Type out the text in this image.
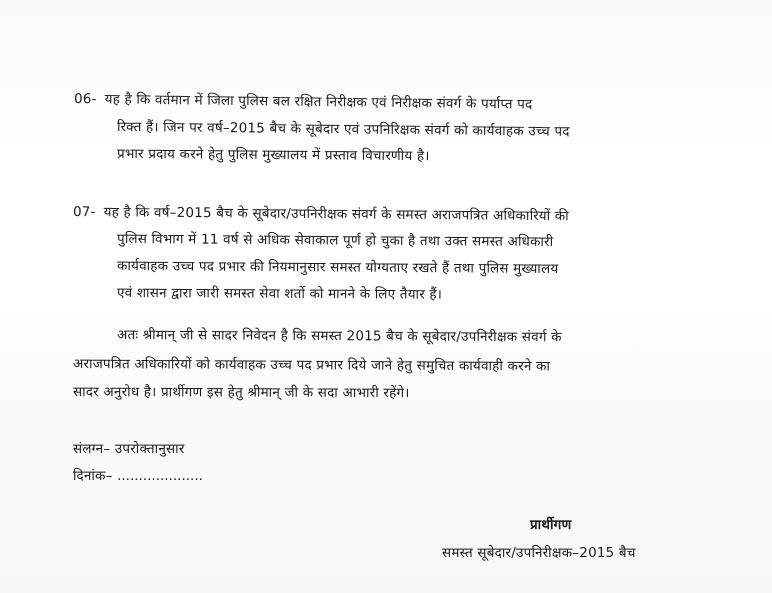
06- यह है कि वर्तमान में जिला पुलिस बल रक्षित निरीक्षक एवं निरीक्षक संवर्ग के पर्याप्त पद
रिक्त हैं। जिन पर वर्ष–2015 बैच के सूबेदार एवं उपनिरिक्षक संवर्ग को कार्यवाहक उच्च पद
प्रभार प्रदाय करने हेतु पुलिस मुख्यालय में प्रस्ताव विचारणीय है।
07- यह है कि वर्ष–2015 बैच के सूबेदार/उपनिरीक्षक संवर्ग के समस्त अराजपत्रित अधिकारियों की
पुलिस विभाग में 11 वर्ष से अधिक सेवाकाल पूर्ण हो चुका है तथा उक्त समस्त अधिकारी
कार्यवाहक उच्च पद प्रभार की नियमानुसार समस्त योग्यताए रखते हैं तथा पुलिस मुख्यालय
एवं शासन द्वारा जारी समस्त सेवा शर्तो को मानने के लिए तैयार हैं।
अतः श्रीमान् जी से सादर निवेदन है कि समस्त 2015 बैच के सूबेदार/उपनिरीक्षक संवर्ग के
अराजपत्रित अधिकारियों को कार्यवाहक उच्च पद प्रभार दिये जाने हेतु समुचित कार्यवाही करने का
सादर अनुरोध है। प्रार्थीगण इस हेतु श्रीमान् जी के सदा आभारी रहेंगे।
संलग्न– उपरोक्तानुसार
दिनांक– ....................
प्रार्थीगण
समस्त सूबेदार/उपनिरीक्षक–2015 बैच
